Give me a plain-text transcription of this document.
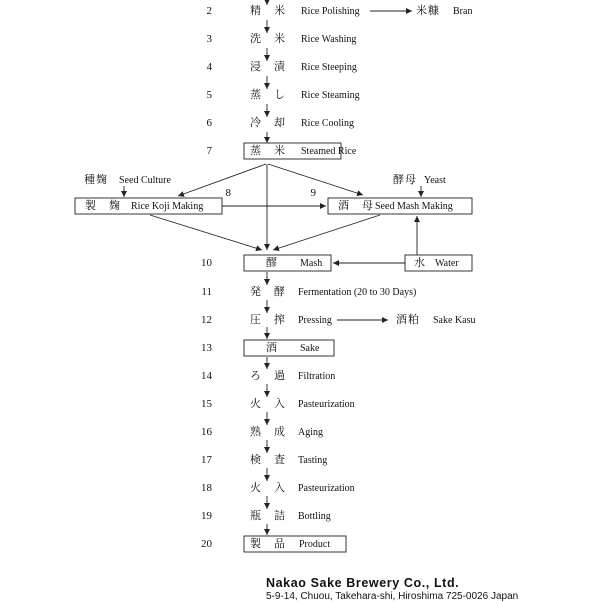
2	精　米 Rice Polishing	米糠 Bran
3	洗　米 Rice Washing
4	浸　漬 Rice Steeping
5	蒸　し Rice Steaming
6	冷　却 Rice Cooling
7	蒸　米 Steamed Rice
種麹 Seed Culture	酵母 Yeast
8	9
製　麹 Rice Koji Making	酒　母 Seed Mash Making
10	醪 Mash	水 Water
11	発　酵 Fermentation (20 to 30 Days)
12	圧　搾 Pressing	酒粕 Sake Kasu
13	酒 Sake
14	ろ　過 Filtration
15	火　入 Pasteurization
16	熟　成 Aging
17	検　査 Tasting
18	火　入 Pasteurization
19	瓶　詰 Bottling
20	製　品 Product
Nakao Sake Brewery Co., Ltd.
5-9-14, Chuou, Takehara-shi, Hiroshima 725-0026 Japan
